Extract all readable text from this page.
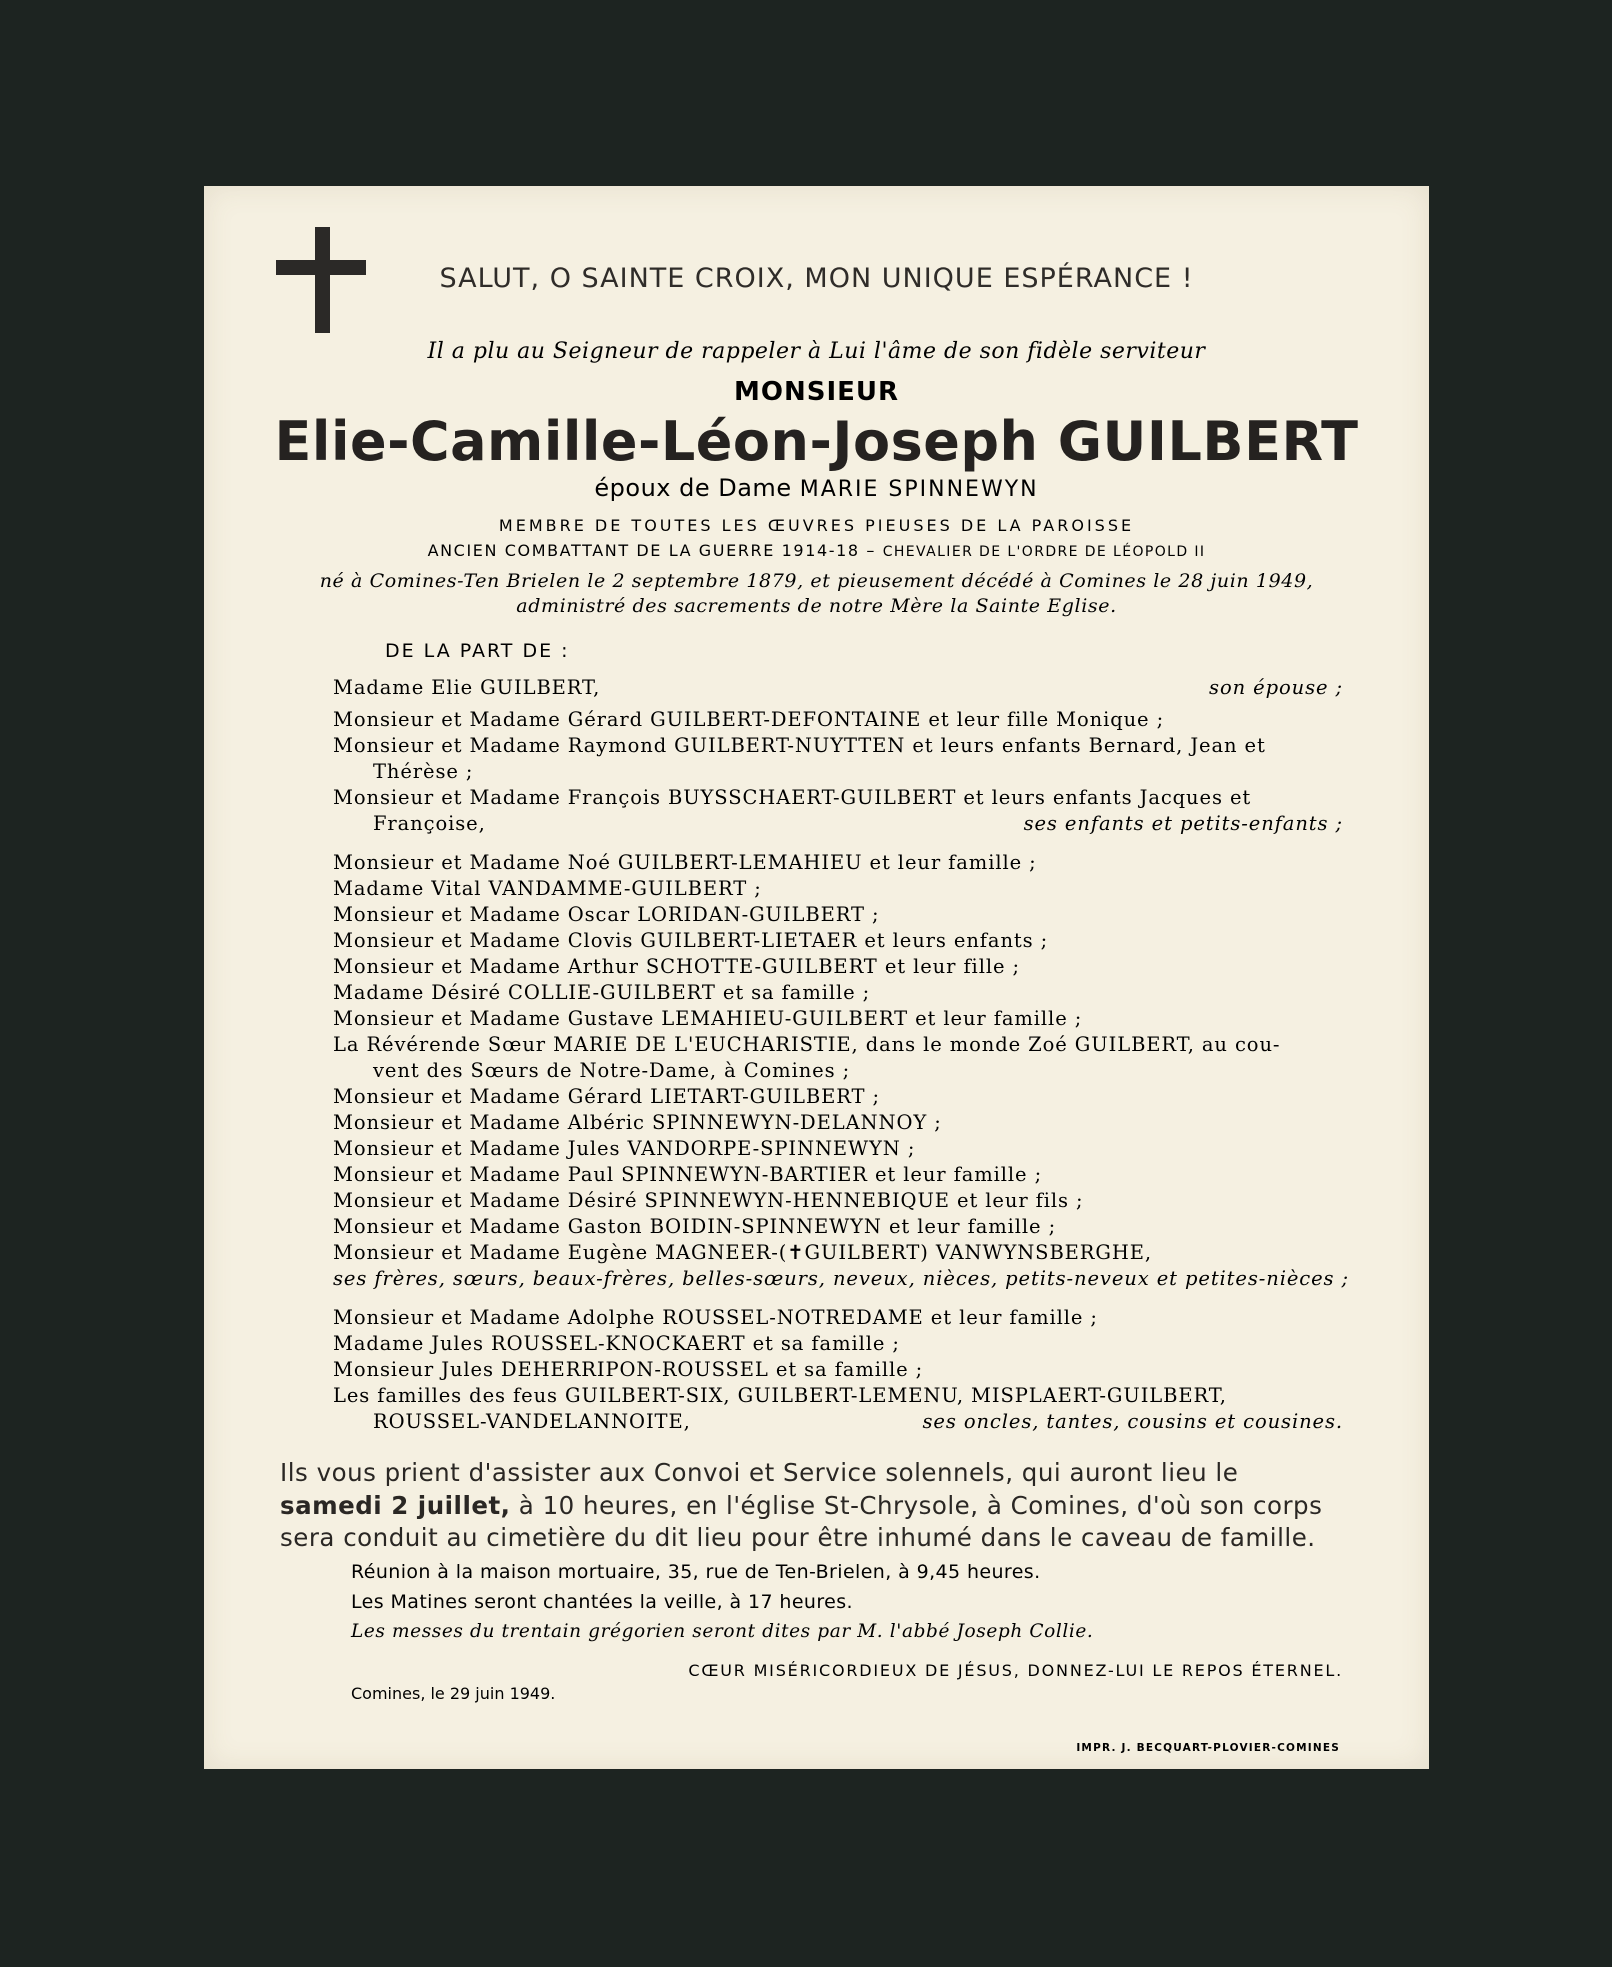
SALUT, O SAINTE CROIX, MON UNIQUE ESPÉRANCE !
Il a plu au Seigneur de rappeler à Lui l'âme de son fidèle serviteur
MONSIEUR
Elie-Camille-Léon-Joseph GUILBERT
époux de Dame MARIE SPINNEWYN
MEMBRE DE TOUTES LES ŒUVRES PIEUSES DE LA PAROISSE
ANCIEN COMBATTANT DE LA GUERRE 1914-18 – CHEVALIER DE L'ORDRE DE LÉOPOLD II
né à Comines-Ten Brielen le 2 septembre 1879, et pieusement décédé à Comines le 28 juin 1949,
administré des sacrements de notre Mère la Sainte Eglise.
DE LA PART DE :
Madame Elie GUILBERT,	son épouse ;
Monsieur et Madame Gérard GUILBERT-DEFONTAINE et leur fille Monique ;
Monsieur et Madame Raymond GUILBERT-NUYTTEN et leurs enfants Bernard, Jean et
Thérèse ;
Monsieur et Madame François BUYSSCHAERT-GUILBERT et leurs enfants Jacques et
Françoise,	ses enfants et petits-enfants ;
Monsieur et Madame Noé GUILBERT-LEMAHIEU et leur famille ;
Madame Vital VANDAMME-GUILBERT ;
Monsieur et Madame Oscar LORIDAN-GUILBERT ;
Monsieur et Madame Clovis GUILBERT-LIETAER et leurs enfants ;
Monsieur et Madame Arthur SCHOTTE-GUILBERT et leur fille ;
Madame Désiré COLLIE-GUILBERT et sa famille ;
Monsieur et Madame Gustave LEMAHIEU-GUILBERT et leur famille ;
La Révérende Sœur MARIE DE L'EUCHARISTIE, dans le monde Zoé GUILBERT, au cou-
vent des Sœurs de Notre-Dame, à Comines ;
Monsieur et Madame Gérard LIETART-GUILBERT ;
Monsieur et Madame Albéric SPINNEWYN-DELANNOY ;
Monsieur et Madame Jules VANDORPE-SPINNEWYN ;
Monsieur et Madame Paul SPINNEWYN-BARTIER et leur famille ;
Monsieur et Madame Désiré SPINNEWYN-HENNEBIQUE et leur fils ;
Monsieur et Madame Gaston BOIDIN-SPINNEWYN et leur famille ;
Monsieur et Madame Eugène MAGNEER-(✝GUILBERT) VANWYNSBERGHE,
ses frères, sœurs, beaux-frères, belles-sœurs, neveux, nièces, petits-neveux et petites-nièces ;
Monsieur et Madame Adolphe ROUSSEL-NOTREDAME et leur famille ;
Madame Jules ROUSSEL-KNOCKAERT et sa famille ;
Monsieur Jules DEHERRIPON-ROUSSEL et sa famille ;
Les familles des feus GUILBERT-SIX, GUILBERT-LEMENU, MISPLAERT-GUILBERT,
ROUSSEL-VANDELANNOITE,	ses oncles, tantes, cousins et cousines.
Ils vous prient d'assister aux Convoi et Service solennels, qui auront lieu le
samedi 2 juillet, à 10 heures, en l'église St-Chrysole, à Comines, d'où son corps
sera conduit au cimetière du dit lieu pour être inhumé dans le caveau de famille.
Réunion à la maison mortuaire, 35, rue de Ten-Brielen, à 9,45 heures.
Les Matines seront chantées la veille, à 17 heures.
Les messes du trentain grégorien seront dites par M. l'abbé Joseph Collie.
CŒUR MISÉRICORDIEUX DE JÉSUS, DONNEZ-LUI LE REPOS ÉTERNEL.
Comines, le 29 juin 1949.
IMPR. J. BECQUART-PLOVIER-COMINES
